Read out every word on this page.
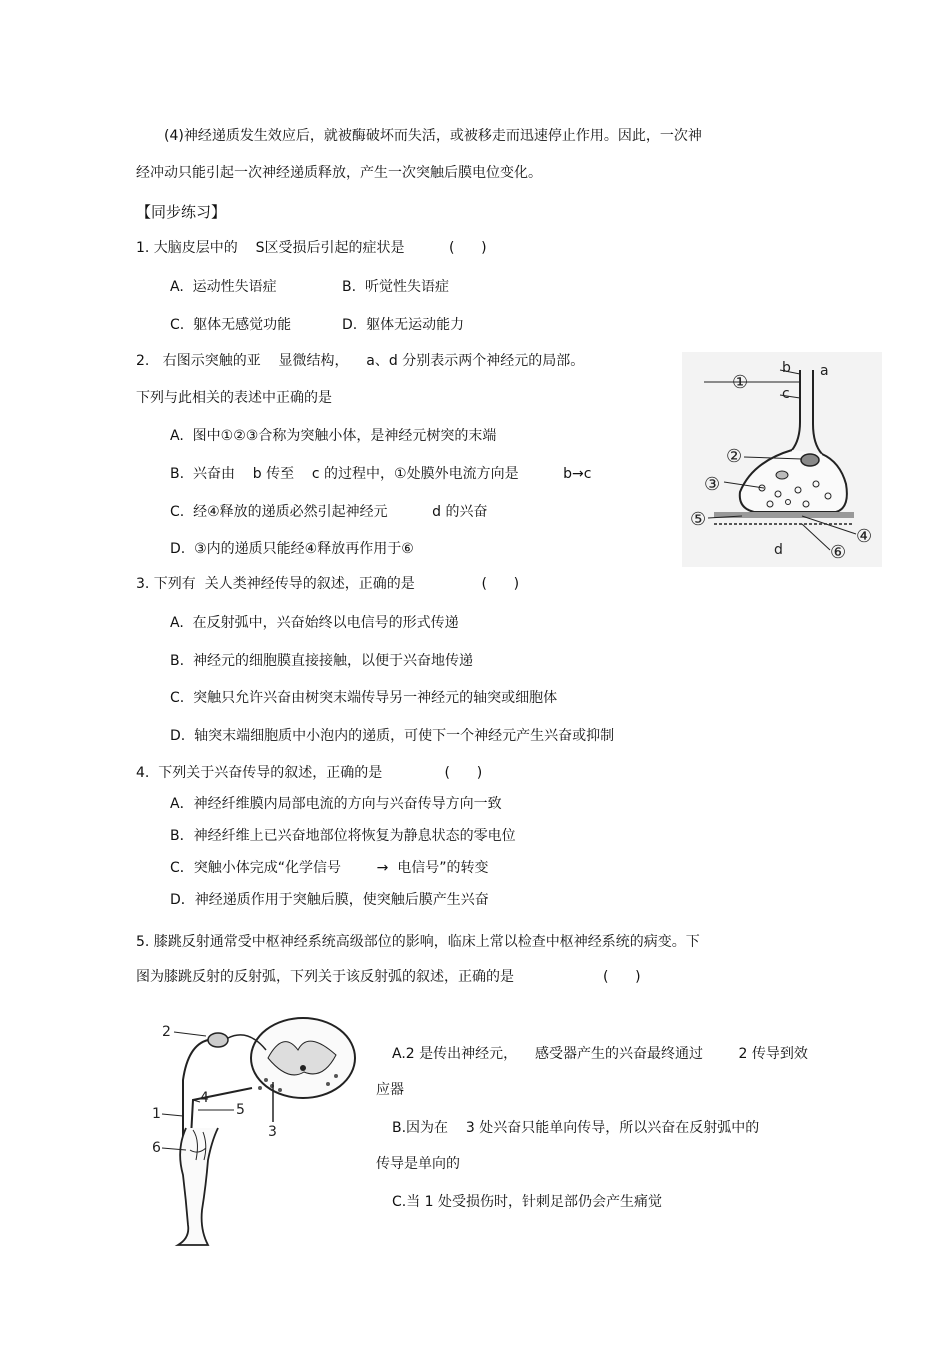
(4)神经递质发生效应后，就被酶破坏而失活，或被移走而迅速停止作用。因此，一次神
经冲动只能引起一次神经递质释放，产生一次突触后膜电位变化。
【同步练习】
1. 大脑皮层中的    S区受损后引起的症状是          (      )
A.  运动性失语症	B.  听觉性失语症
C.  躯体无感觉功能	D.  躯体无运动能力
2.   右图示突触的亚    显微结构，    a、d 分别表示两个神经元的局部。
下列与此相关的表述中正确的是
A.  图中①②③合称为突触小体，是神经元树突的末端
B.  兴奋由    b 传至    c 的过程中，①处膜外电流方向是          b→c
C.  经④释放的递质必然引起神经元          d 的兴奋
D.  ③内的递质只能经④释放再作用于⑥
①
②
③
④
⑤
⑥
a
b
c
d
3. 下列有  关人类神经传导的叙述，正确的是               (      )
A.  在反射弧中，兴奋始终以电信号的形式传递
B.  神经元的细胞膜直接接触，以便于兴奋地传递
C.  突触只允许兴奋由树突末端传导另一神经元的轴突或细胞体
D.  轴突末端细胞质中小泡内的递质，可使下一个神经元产生兴奋或抑制
4.  下列关于兴奋传导的叙述，正确的是              (      )
A．神经纤维膜内局部电流的方向与兴奋传导方向一致
B．神经纤维上已兴奋地部位将恢复为静息状态的零电位
C．突触小体完成“化学信号        →  电信号”的转变
D．神经递质作用于突触后膜，使突触后膜产生兴奋
5. 膝跳反射通常受中枢神经系统高级部位的影响，临床上常以检查中枢神经系统的病变。下
图为膝跳反射的反射弧，下列关于该反射弧的叙述，正确的是                    (      )
2
1
3
4
5
6
A.2 是传出神经元，    感受器产生的兴奋最终通过        2 传导到效
应器
B.因为在    3 处兴奋只能单向传导，所以兴奋在反射弧中的
传导是单向的
C.当 1 处受损伤时，针刺足部仍会产生痛觉
